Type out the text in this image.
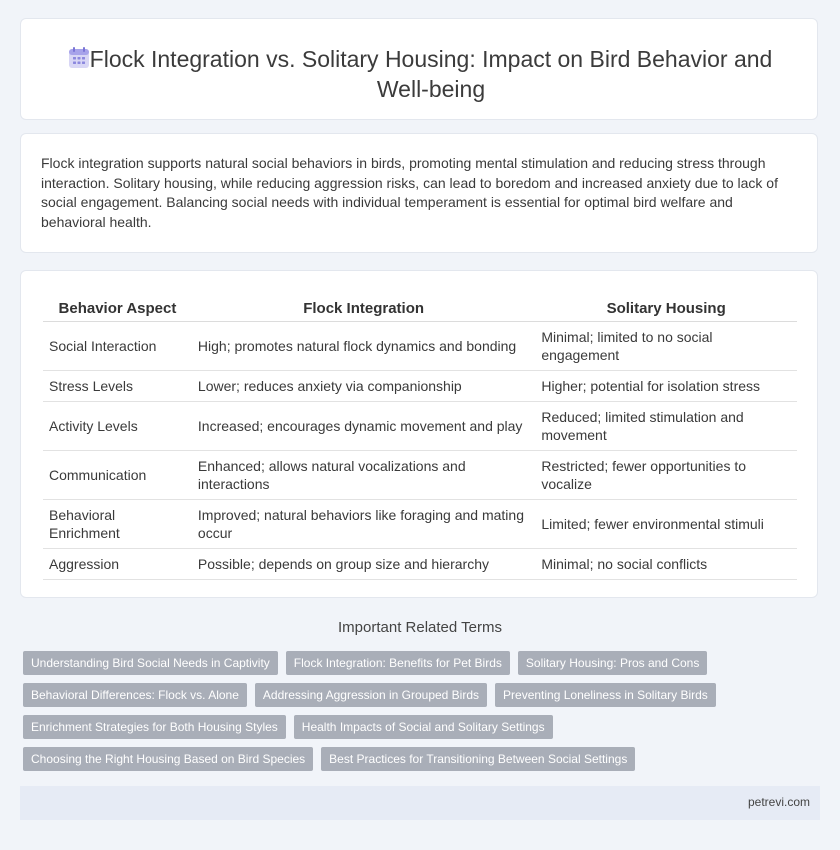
Flock Integration vs. Solitary Housing: Impact on Bird Behavior and Well-being

Flock integration supports natural social behaviors in birds, promoting mental stimulation and reducing stress through interaction. Solitary housing, while reducing aggression risks, can lead to boredom and increased anxiety due to lack of social engagement. Balancing social needs with individual temperament is essential for optimal bird welfare and behavioral health.

Behavior Aspect	Flock Integration	Solitary Housing
Social Interaction	High; promotes natural flock dynamics and bonding	Minimal; limited to no social engagement
Stress Levels	Lower; reduces anxiety via companionship	Higher; potential for isolation stress
Activity Levels	Increased; encourages dynamic movement and play	Reduced; limited stimulation and movement
Communication	Enhanced; allows natural vocalizations and interactions	Restricted; fewer opportunities to vocalize
Behavioral Enrichment	Improved; natural behaviors like foraging and mating occur	Limited; fewer environmental stimuli
Aggression	Possible; depends on group size and hierarchy	Minimal; no social conflicts
Important Related Terms
Understanding Bird Social Needs in Captivity	Flock Integration: Benefits for Pet Birds	Solitary Housing: Pros and Cons
Behavioral Differences: Flock vs. Alone	Addressing Aggression in Grouped Birds	Preventing Loneliness in Solitary Birds
Enrichment Strategies for Both Housing Styles	Health Impacts of Social and Solitary Settings
Choosing the Right Housing Based on Bird Species	Best Practices for Transitioning Between Social Settings
petrevi.com
